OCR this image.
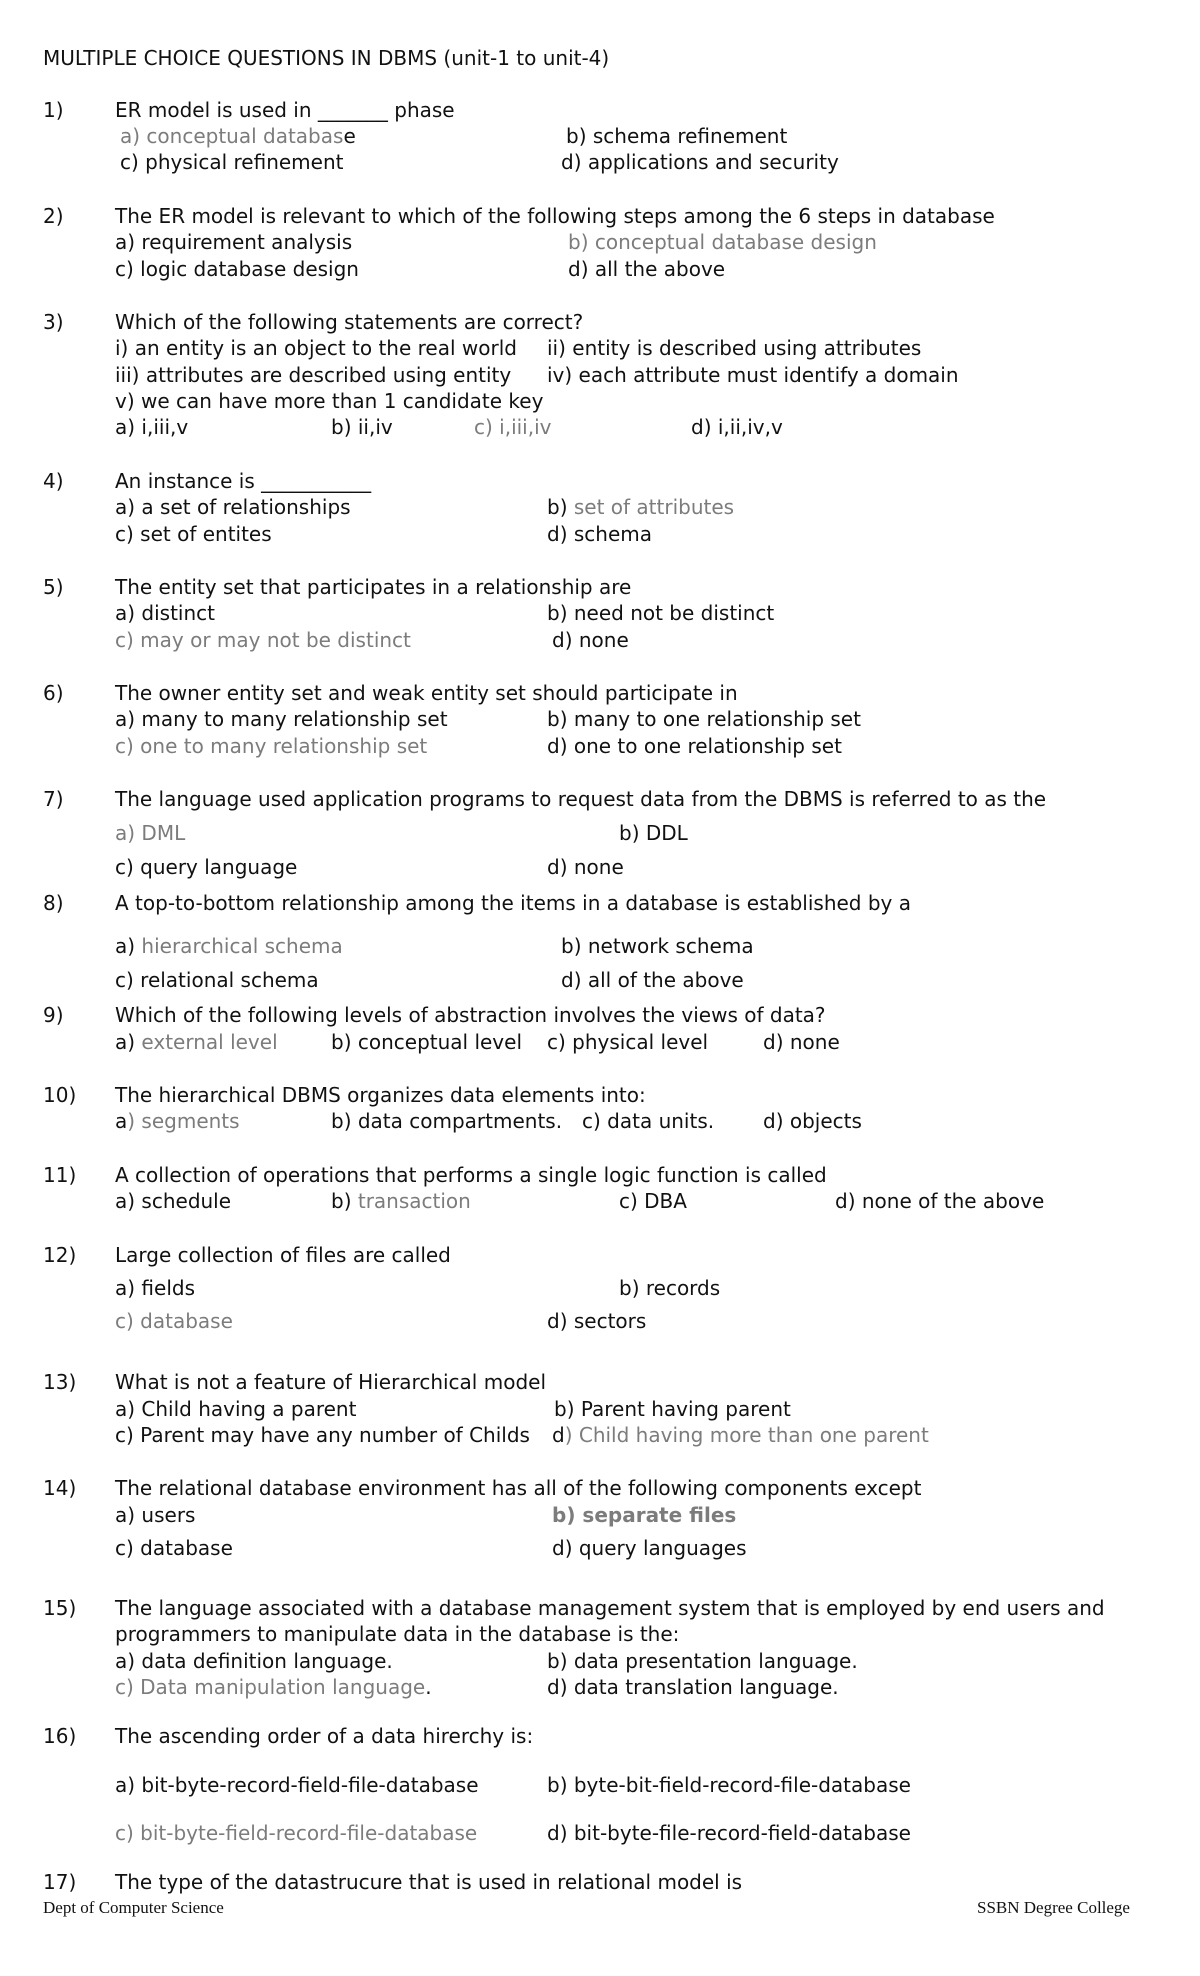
MULTIPLE CHOICE QUESTIONS IN DBMS (unit-1 to unit-4)
1)	ER model is used in _______ phase
a) conceptual database	b) schema refinement
c) physical refinement	d) applications and security
2)	The ER model is relevant to which of the following steps among the 6 steps in database
a) requirement analysis	b) conceptual database design
c) logic database design	d) all the above
3)	Which of the following statements are correct?
i) an entity is an object to the real world ii) entity is described using attributes
iii) attributes are described using entity iv) each attribute must identify a domain
v) we can have more than 1 candidate key
a) i,iii,v	b) ii,iv	c) i,iii,iv	d) i,ii,iv,v
4)	An instance is ___________
a) a set of relationships	b) set of attributes
c) set of entites	d) schema
5)	The entity set that participates in a relationship are
a) distinct	b) need not be distinct
c) may or may not be distinct	d) none
6)	The owner entity set and weak entity set should participate in
a) many to many relationship set	b) many to one relationship set
c) one to many relationship set	d) one to one relationship set
7)	The language used application programs to request data from the DBMS is referred to as the
a) DML	b) DDL
c) query language	d) none
8)	A top-to-bottom relationship among the items in a database is established by a
a) hierarchical schema	b) network schema
c) relational schema	d) all of the above
9)	Which of the following levels of abstraction involves the views of data?
a) external level	b) conceptual level c) physical level	d) none
10) The hierarchical DBMS organizes data elements into:
a) segments	b) data compartments. c) data units. d) objects
11) A collection of operations that performs a single logic function is called
a) schedule	b) transaction	c) DBA	d) none of the above
12) Large collection of files are called
a) fields	b) records
c) database	d) sectors
13) What is not a feature of Hierarchical model
a) Child having a parent	b) Parent having parent
c) Parent may have any number of Childs d) Child having more than one parent
14) The relational database environment has all of the following components except
a) users	b) separate files
c) database	d) query languages
15) The language associated with a database management system that is employed by end users and
programmers to manipulate data in the database is the:
a) data definition language.	b) data presentation language.
c) Data manipulation language.	d) data translation language.
16) The ascending order of a data hirerchy is:
a) bit-byte-record-field-file-database	b) byte-bit-field-record-file-database
c) bit-byte-field-record-file-database	d) bit-byte-file-record-field-database
17) The type of the datastrucure that is used in relational model is
Dept of Computer Science	SSBN Degree College
